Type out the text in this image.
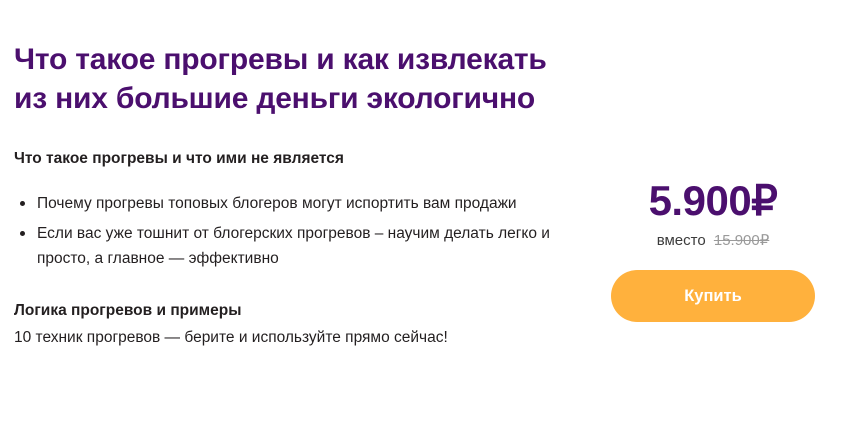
Что такое прогревы и как извлекать
из них большие деньги экологично

Что такое прогревы и что ими не является

Почему прогревы топовых блогеров могут испортить вам продажи
Если вас уже тошнит от блогерских прогревов – научим делать легко и просто, а главное — эффективно

Логика прогревов и примеры

10 техник прогревов — берите и используйте прямо сейчас!

5.900₽
вместо 15.900₽
Купить
